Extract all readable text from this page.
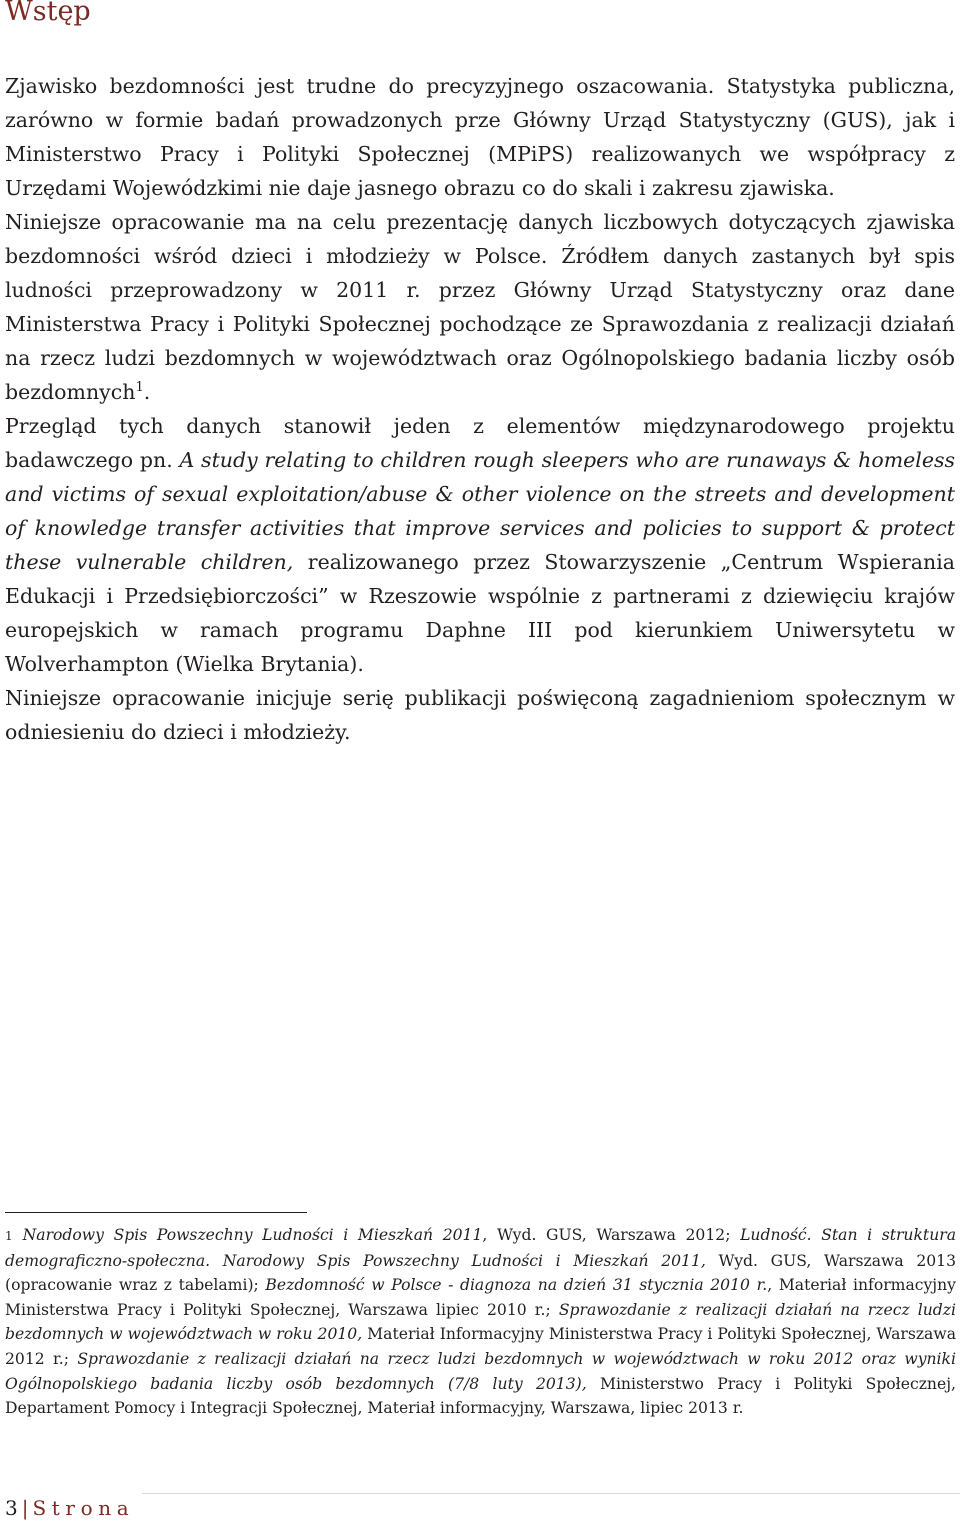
Wstęp

Zjawisko bezdomności jest trudne do precyzyjnego oszacowania. Statystyka publiczna, zarówno w formie badań prowadzonych prze Główny Urząd Statystyczny (GUS), jak i Ministerstwo Pracy i Polityki Społecznej (MPiPS) realizowanych we współpracy z Urzędami Wojewódzkimi nie daje jasnego obrazu co do skali i zakresu zjawiska.

Niniejsze opracowanie ma na celu prezentację danych liczbowych dotyczących zjawiska bezdomności wśród dzieci i młodzieży w Polsce. Źródłem danych zastanych był spis ludności przeprowadzony w 2011 r. przez Główny Urząd Statystyczny oraz dane Ministerstwa Pracy i Polityki Społecznej pochodzące ze Sprawozdania z realizacji działań na rzecz ludzi bezdomnych w województwach oraz Ogólnopolskiego badania liczby osób bezdomnych$^1$.

Przegląd tych danych stanowił jeden z elementów międzynarodowego projektu badawczego pn. A study relating to children rough sleepers who are runaways & homeless and victims of sexual exploitation/abuse & other violence on the streets and development of knowledge transfer activities that improve services and policies to support & protect these vulnerable children, realizowanego przez Stowarzyszenie „Centrum Wspierania Edukacji i Przedsiębiorczości” w Rzeszowie wspólnie z partnerami z dziewięciu krajów europejskich w ramach programu Daphne III pod kierunkiem Uniwersytetu w Wolverhampton (Wielka Brytania).

Niniejsze opracowanie inicjuje serię publikacji poświęconą zagadnieniom społecznym w odniesieniu do dzieci i młodzieży.

1 Narodowy Spis Powszechny Ludności i Mieszkań 2011, Wyd. GUS, Warszawa 2012; Ludność. Stan i struktura demograficzno-społeczna. Narodowy Spis Powszechny Ludności i Mieszkań 2011, Wyd. GUS, Warszawa 2013 (opracowanie wraz z tabelami); Bezdomność w Polsce - diagnoza na dzień 31 stycznia 2010 r., Materiał informacyjny Ministerstwa Pracy i Polityki Społecznej, Warszawa lipiec 2010 r.; Sprawozdanie z realizacji działań na rzecz ludzi bezdomnych w województwach w roku 2010, Materiał Informacyjny Ministerstwa Pracy i Polityki Społecznej, Warszawa 2012 r.; Sprawozdanie z realizacji działań na rzecz ludzi bezdomnych w województwach w roku 2012 oraz wyniki Ogólnopolskiego badania liczby osób bezdomnych (7/8 luty 2013), Ministerstwo Pracy i Polityki Społecznej, Departament Pomocy i Integracji Społecznej, Materiał informacyjny, Warszawa, lipiec 2013 r.
3 | Strona
